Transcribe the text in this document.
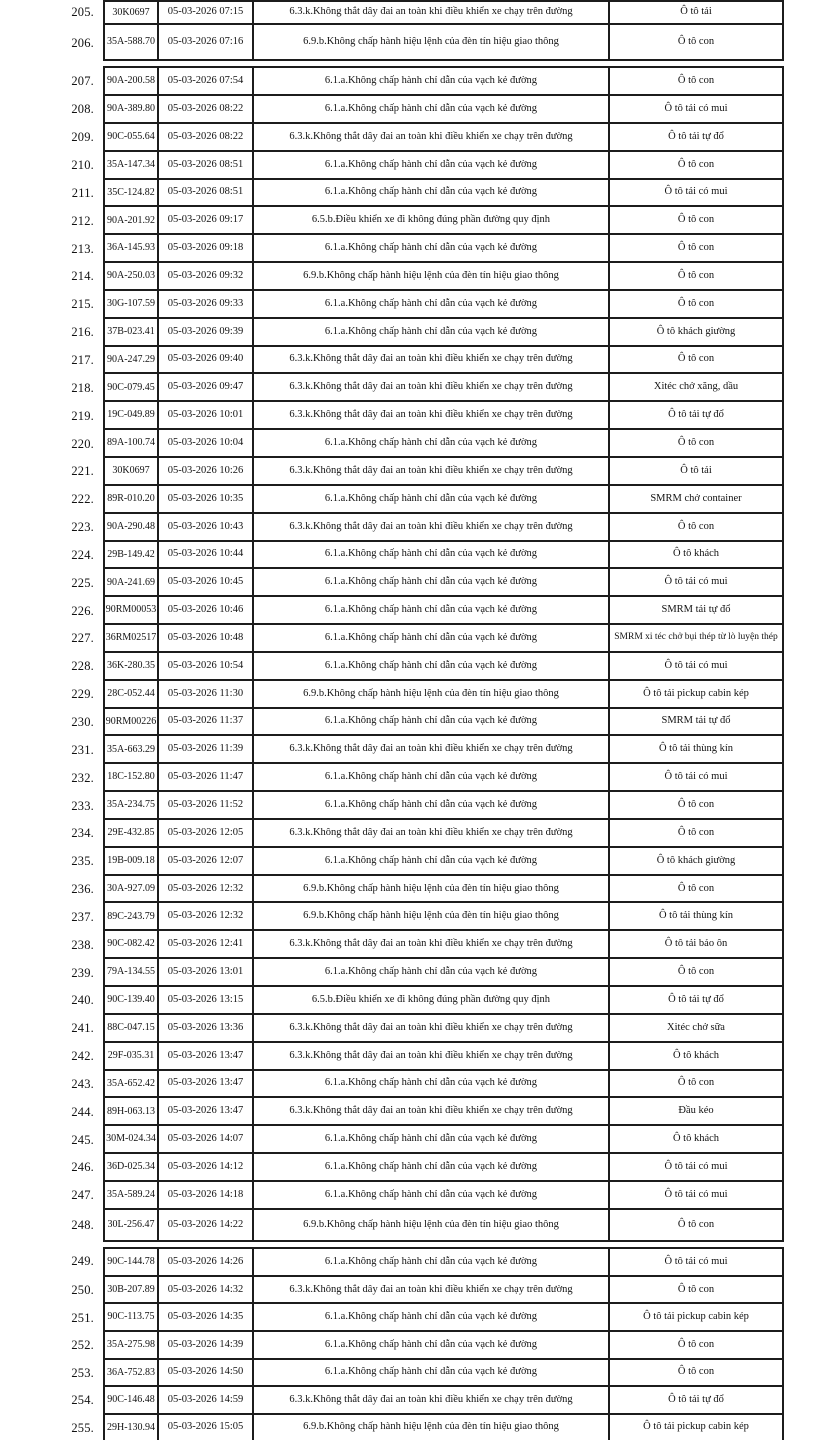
205.	30K0697	05-03-2026 07:15	6.3.k.Không thắt dây đai an toàn khi điều khiển xe chạy trên đường	Ô tô tải
206.	35A-588.70	05-03-2026 07:16	6.9.b.Không chấp hành hiệu lệnh của đèn tín hiệu giao thông	Ô tô con
207.	90A-200.58	05-03-2026 07:54	6.1.a.Không chấp hành chỉ dẫn của vạch kẻ đường	Ô tô con
208.	90A-389.80	05-03-2026 08:22	6.1.a.Không chấp hành chỉ dẫn của vạch kẻ đường	Ô tô tải có mui
209.	90C-055.64	05-03-2026 08:22	6.3.k.Không thắt dây đai an toàn khi điều khiển xe chạy trên đường	Ô tô tải tự đổ
210.	35A-147.34	05-03-2026 08:51	6.1.a.Không chấp hành chỉ dẫn của vạch kẻ đường	Ô tô con
211.	35C-124.82	05-03-2026 08:51	6.1.a.Không chấp hành chỉ dẫn của vạch kẻ đường	Ô tô tải có mui
212.	90A-201.92	05-03-2026 09:17	6.5.b.Điều khiển xe đi không đúng phần đường quy định	Ô tô con
213.	36A-145.93	05-03-2026 09:18	6.1.a.Không chấp hành chỉ dẫn của vạch kẻ đường	Ô tô con
214.	90A-250.03	05-03-2026 09:32	6.9.b.Không chấp hành hiệu lệnh của đèn tín hiệu giao thông	Ô tô con
215.	30G-107.59	05-03-2026 09:33	6.1.a.Không chấp hành chỉ dẫn của vạch kẻ đường	Ô tô con
216.	37B-023.41	05-03-2026 09:39	6.1.a.Không chấp hành chỉ dẫn của vạch kẻ đường	Ô tô khách giường
217.	90A-247.29	05-03-2026 09:40	6.3.k.Không thắt dây đai an toàn khi điều khiển xe chạy trên đường	Ô tô con
218.	90C-079.45	05-03-2026 09:47	6.3.k.Không thắt dây đai an toàn khi điều khiển xe chạy trên đường	Xitéc chở xăng, dầu
219.	19C-049.89	05-03-2026 10:01	6.3.k.Không thắt dây đai an toàn khi điều khiển xe chạy trên đường	Ô tô tải tự đổ
220.	89A-100.74	05-03-2026 10:04	6.1.a.Không chấp hành chỉ dẫn của vạch kẻ đường	Ô tô con
221.	30K0697	05-03-2026 10:26	6.3.k.Không thắt dây đai an toàn khi điều khiển xe chạy trên đường	Ô tô tải
222.	89R-010.20	05-03-2026 10:35	6.1.a.Không chấp hành chỉ dẫn của vạch kẻ đường	SMRM chở container
223.	90A-290.48	05-03-2026 10:43	6.3.k.Không thắt dây đai an toàn khi điều khiển xe chạy trên đường	Ô tô con
224.	29B-149.42	05-03-2026 10:44	6.1.a.Không chấp hành chỉ dẫn của vạch kẻ đường	Ô tô khách
225.	90A-241.69	05-03-2026 10:45	6.1.a.Không chấp hành chỉ dẫn của vạch kẻ đường	Ô tô tải có mui
226.	90RM00053	05-03-2026 10:46	6.1.a.Không chấp hành chỉ dẫn của vạch kẻ đường	SMRM tải tự đổ
227.	36RM02517	05-03-2026 10:48	6.1.a.Không chấp hành chỉ dẫn của vạch kẻ đường	SMRM xi téc chở bụi thép từ lò luyện thép
228.	36K-280.35	05-03-2026 10:54	6.1.a.Không chấp hành chỉ dẫn của vạch kẻ đường	Ô tô tải có mui
229.	28C-052.44	05-03-2026 11:30	6.9.b.Không chấp hành hiệu lệnh của đèn tín hiệu giao thông	Ô tô tải pickup cabin kép
230.	90RM00226	05-03-2026 11:37	6.1.a.Không chấp hành chỉ dẫn của vạch kẻ đường	SMRM tải tự đổ
231.	35A-663.29	05-03-2026 11:39	6.3.k.Không thắt dây đai an toàn khi điều khiển xe chạy trên đường	Ô tô tải thùng kín
232.	18C-152.80	05-03-2026 11:47	6.1.a.Không chấp hành chỉ dẫn của vạch kẻ đường	Ô tô tải có mui
233.	35A-234.75	05-03-2026 11:52	6.1.a.Không chấp hành chỉ dẫn của vạch kẻ đường	Ô tô con
234.	29E-432.85	05-03-2026 12:05	6.3.k.Không thắt dây đai an toàn khi điều khiển xe chạy trên đường	Ô tô con
235.	19B-009.18	05-03-2026 12:07	6.1.a.Không chấp hành chỉ dẫn của vạch kẻ đường	Ô tô khách giường
236.	30A-927.09	05-03-2026 12:32	6.9.b.Không chấp hành hiệu lệnh của đèn tín hiệu giao thông	Ô tô con
237.	89C-243.79	05-03-2026 12:32	6.9.b.Không chấp hành hiệu lệnh của đèn tín hiệu giao thông	Ô tô tải thùng kín
238.	90C-082.42	05-03-2026 12:41	6.3.k.Không thắt dây đai an toàn khi điều khiển xe chạy trên đường	Ô tô tải bảo ôn
239.	79A-134.55	05-03-2026 13:01	6.1.a.Không chấp hành chỉ dẫn của vạch kẻ đường	Ô tô con
240.	90C-139.40	05-03-2026 13:15	6.5.b.Điều khiển xe đi không đúng phần đường quy định	Ô tô tải tự đổ
241.	88C-047.15	05-03-2026 13:36	6.3.k.Không thắt dây đai an toàn khi điều khiển xe chạy trên đường	Xitéc chở sữa
242.	29F-035.31	05-03-2026 13:47	6.3.k.Không thắt dây đai an toàn khi điều khiển xe chạy trên đường	Ô tô khách
243.	35A-652.42	05-03-2026 13:47	6.1.a.Không chấp hành chỉ dẫn của vạch kẻ đường	Ô tô con
244.	89H-063.13	05-03-2026 13:47	6.3.k.Không thắt dây đai an toàn khi điều khiển xe chạy trên đường	Đầu kéo
245.	30M-024.34	05-03-2026 14:07	6.1.a.Không chấp hành chỉ dẫn của vạch kẻ đường	Ô tô khách
246.	36D-025.34	05-03-2026 14:12	6.1.a.Không chấp hành chỉ dẫn của vạch kẻ đường	Ô tô tải có mui
247.	35A-589.24	05-03-2026 14:18	6.1.a.Không chấp hành chỉ dẫn của vạch kẻ đường	Ô tô tải có mui
248.	30L-256.47	05-03-2026 14:22	6.9.b.Không chấp hành hiệu lệnh của đèn tín hiệu giao thông	Ô tô con
249.	90C-144.78	05-03-2026 14:26	6.1.a.Không chấp hành chỉ dẫn của vạch kẻ đường	Ô tô tải có mui
250.	30B-207.89	05-03-2026 14:32	6.3.k.Không thắt dây đai an toàn khi điều khiển xe chạy trên đường	Ô tô con
251.	90C-113.75	05-03-2026 14:35	6.1.a.Không chấp hành chỉ dẫn của vạch kẻ đường	Ô tô tải pickup cabin kép
252.	35A-275.98	05-03-2026 14:39	6.1.a.Không chấp hành chỉ dẫn của vạch kẻ đường	Ô tô con
253.	36A-752.83	05-03-2026 14:50	6.1.a.Không chấp hành chỉ dẫn của vạch kẻ đường	Ô tô con
254.	90C-146.48	05-03-2026 14:59	6.3.k.Không thắt dây đai an toàn khi điều khiển xe chạy trên đường	Ô tô tải tự đổ
255.	29H-130.94	05-03-2026 15:05	6.9.b.Không chấp hành hiệu lệnh của đèn tín hiệu giao thông	Ô tô tải pickup cabin kép
